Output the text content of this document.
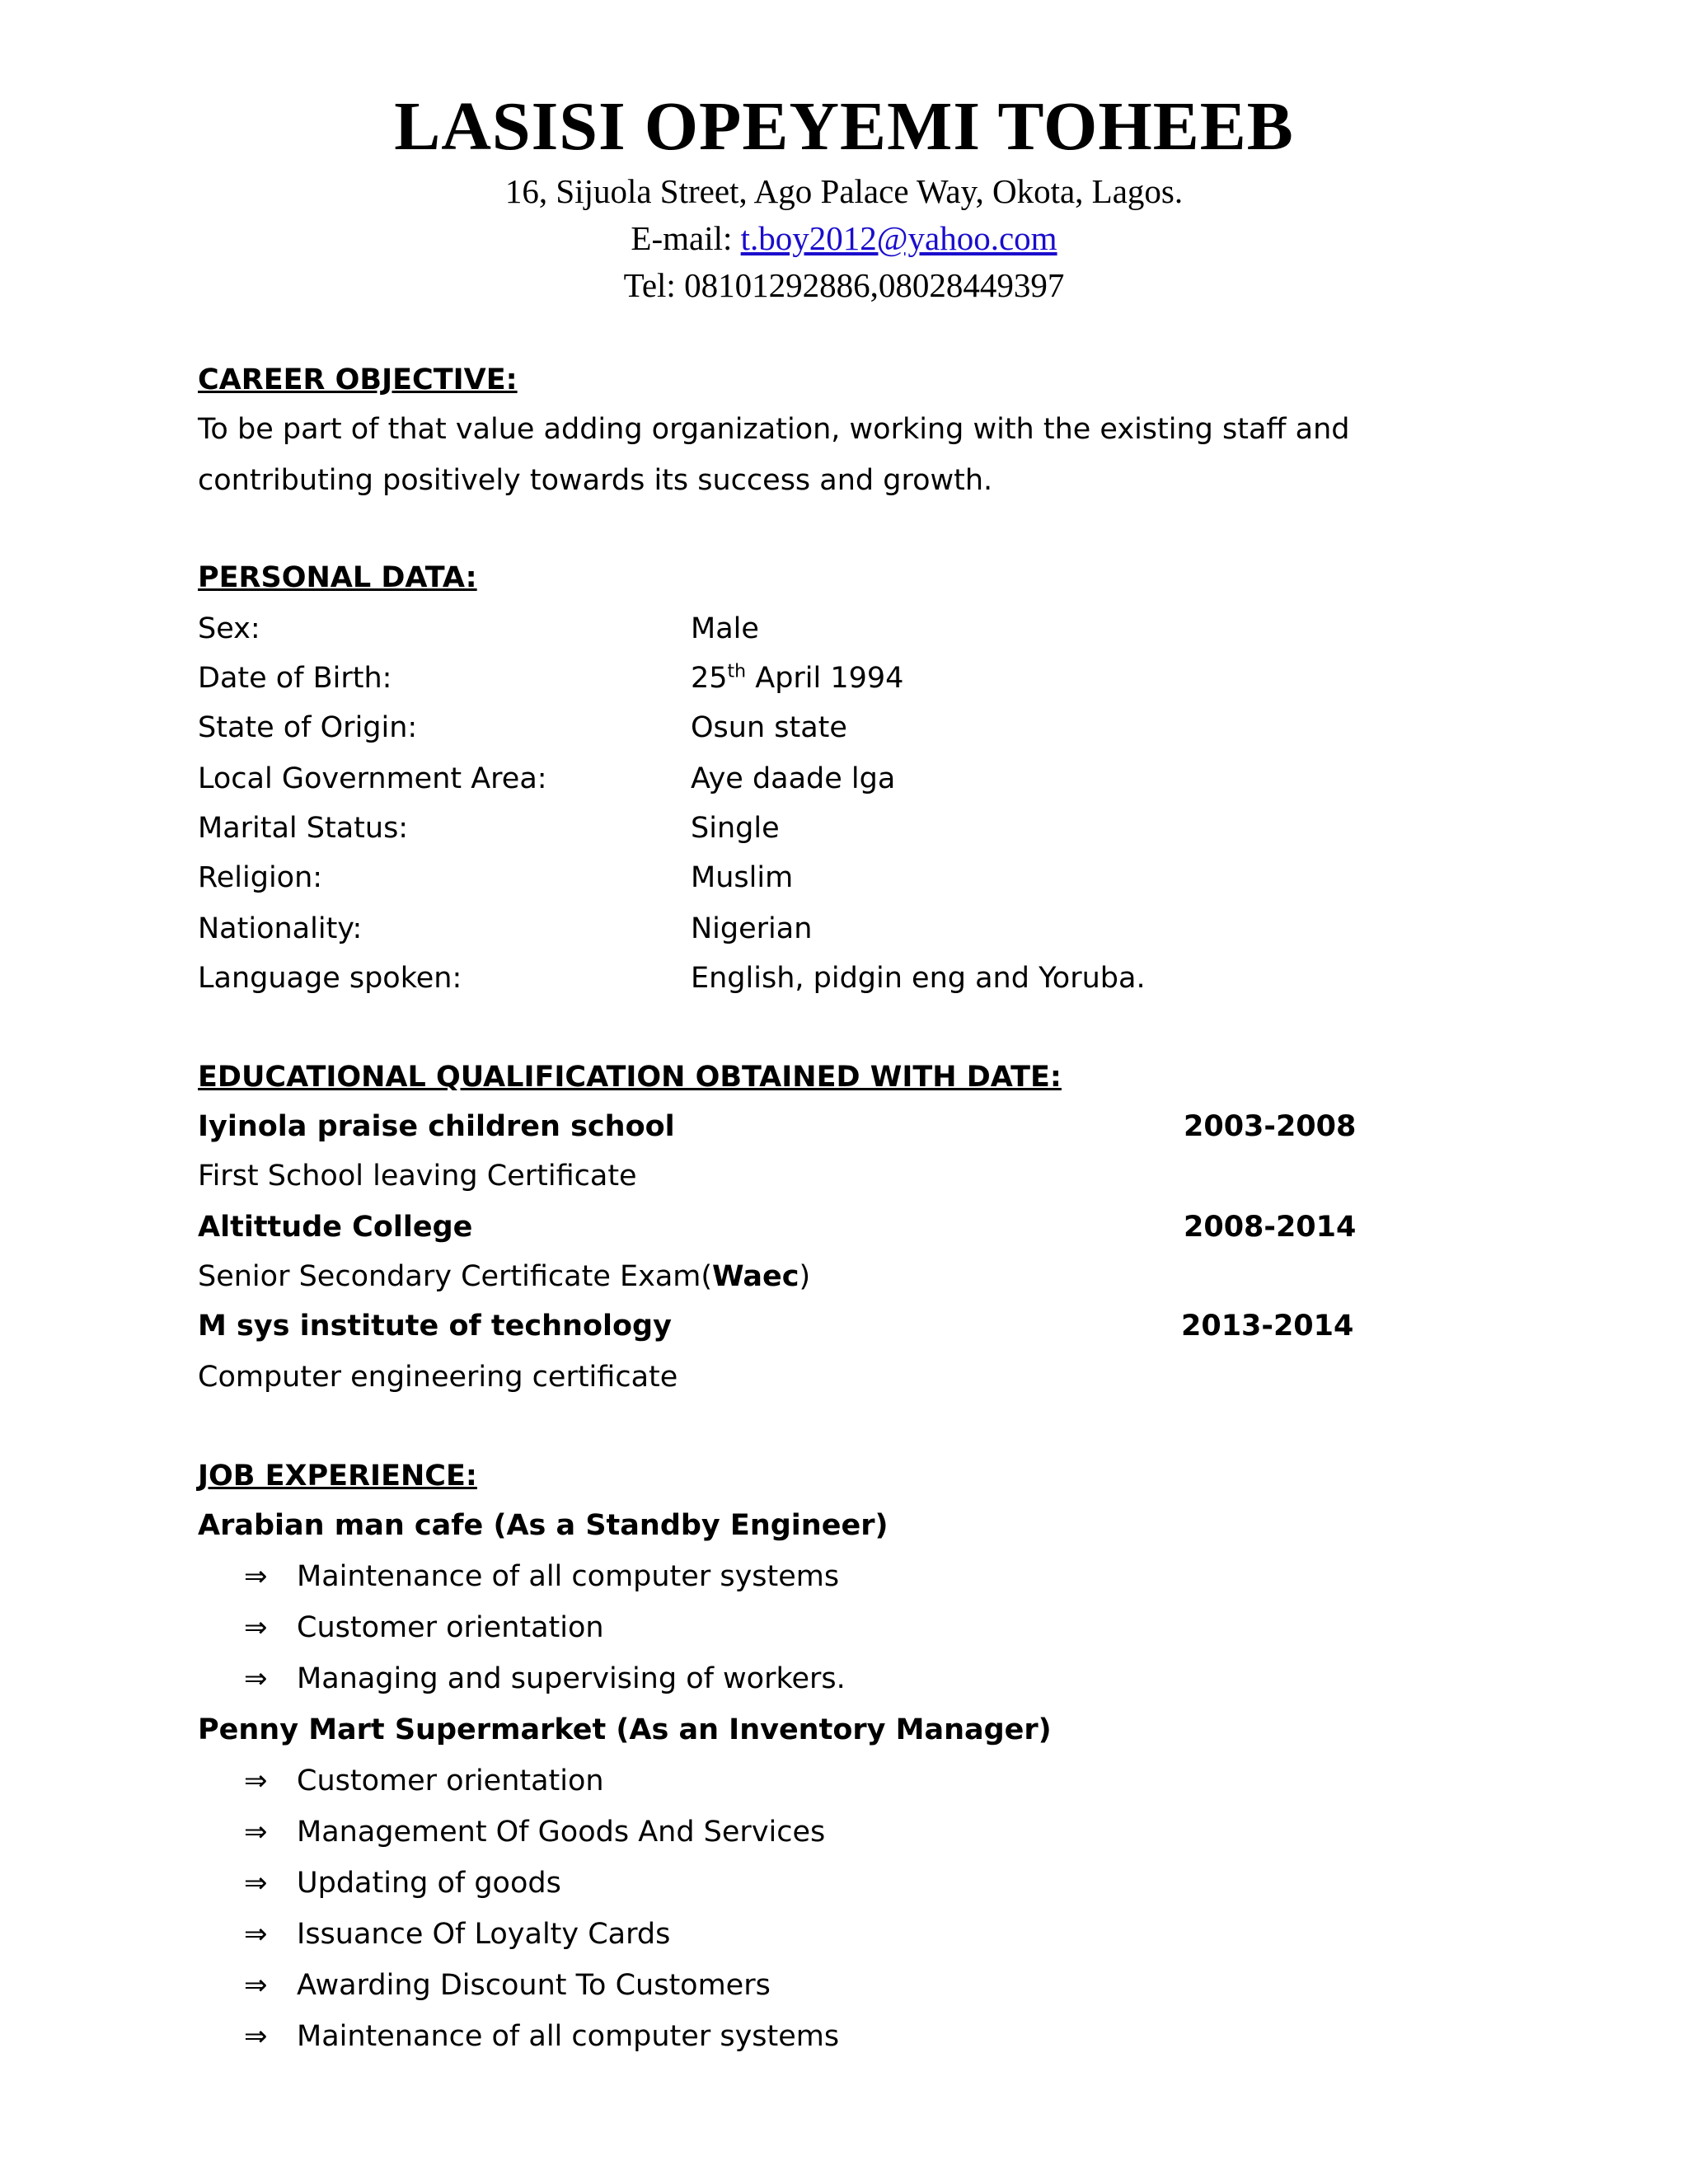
LASISI OPEYEMI TOHEEB
16, Sijuola Street, Ago Palace Way, Okota, Lagos.
E-mail: t.boy2012@yahoo.com
Tel: 08101292886,08028449397
CAREER OBJECTIVE:
To be part of that value adding organization, working with the existing staff and
contributing positively towards its success and growth.
PERSONAL DATA:
Sex:	Male
Date of Birth:	25th April 1994
State of Origin:	Osun state
Local Government Area:	Aye daade lga
Marital Status:	Single
Religion:	Muslim
Nationality:	Nigerian
Language spoken:	English, pidgin eng and Yoruba.
EDUCATIONAL QUALIFICATION OBTAINED WITH DATE:
Iyinola praise children school	2003-2008
First School leaving Certificate
Altittude College	2008-2014
Senior Secondary Certificate Exam(Waec)
M sys institute of technology	2013-2014
Computer engineering certificate
JOB EXPERIENCE:
Arabian man cafe (As a Standby Engineer)
⇒ Maintenance of all computer systems
⇒ Customer orientation
⇒ Managing and supervising of workers.
Penny Mart Supermarket (As an Inventory Manager)
⇒ Customer orientation
⇒ Management Of Goods And Services
⇒ Updating of goods
⇒ Issuance Of Loyalty Cards
⇒ Awarding Discount To Customers
⇒ Maintenance of all computer systems
